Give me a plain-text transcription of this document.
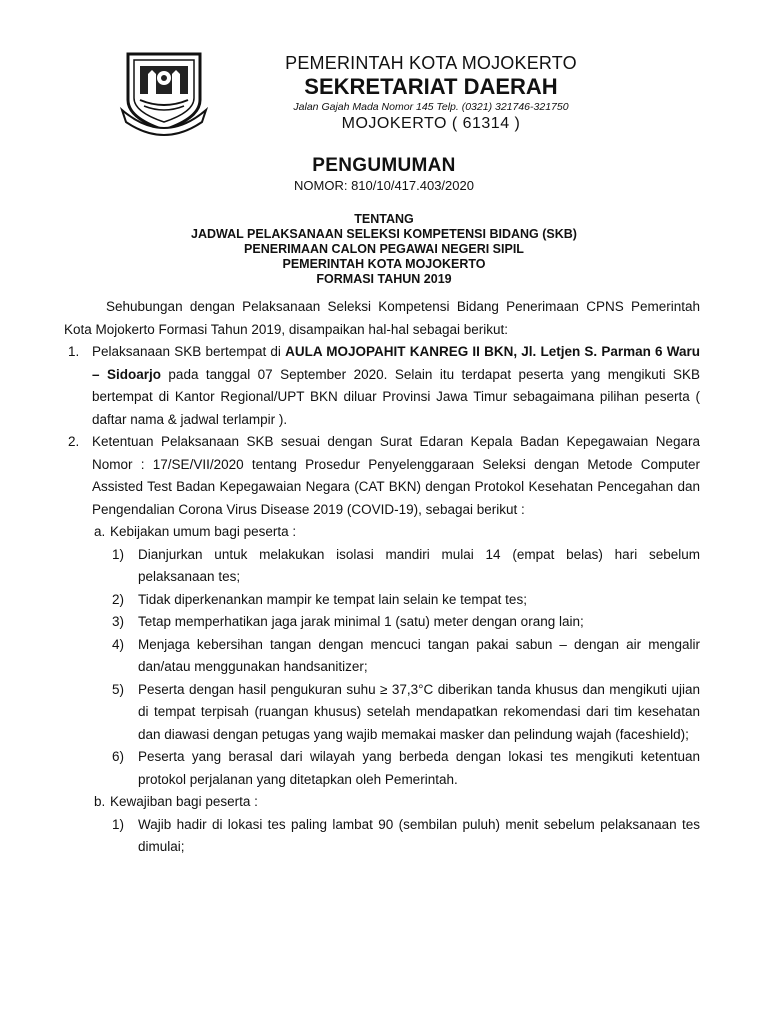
PEMERINTAH KOTA MOJOKERTO
SEKRETARIAT DAERAH
Jalan Gajah Mada Nomor 145 Telp. (0321) 321746-321750
MOJOKERTO ( 61314 )
PENGUMUMAN
NOMOR: 810/10/417.403/2020
TENTANG
JADWAL PELAKSANAAN SELEKSI KOMPETENSI BIDANG (SKB)
PENERIMAAN CALON PEGAWAI NEGERI SIPIL
PEMERINTAH KOTA MOJOKERTO
FORMASI TAHUN 2019

Sehubungan dengan Pelaksanaan Seleksi Kompetensi Bidang Penerimaan CPNS Pemerintah Kota Mojokerto Formasi Tahun 2019, disampaikan hal-hal sebagai berikut:

1. Pelaksanaan SKB bertempat di AULA MOJOPAHIT KANREG II BKN, Jl. Letjen S. Parman 6 Waru – Sidoarjo pada tanggal 07 September 2020. Selain itu terdapat peserta yang mengikuti SKB bertempat di Kantor Regional/UPT BKN diluar Provinsi Jawa Timur sebagaimana pilihan peserta ( daftar nama & jadwal terlampir ).

2. Ketentuan Pelaksanaan SKB sesuai dengan Surat Edaran Kepala Badan Kepegawaian Negara Nomor : 17/SE/VII/2020 tentang Prosedur Penyelenggaraan Seleksi dengan Metode Computer Assisted Test Badan Kepegawaian Negara (CAT BKN) dengan Protokol Kesehatan Pencegahan dan Pengendalian Corona Virus Disease 2019 (COVID-19), sebagai berikut :

a. Kebijakan umum bagi peserta :

1) Dianjurkan untuk melakukan isolasi mandiri mulai 14 (empat belas) hari sebelum pelaksanaan tes;

2) Tidak diperkenankan mampir ke tempat lain selain ke tempat tes;

3) Tetap memperhatikan jaga jarak minimal 1 (satu) meter dengan orang lain;

4) Menjaga kebersihan tangan dengan mencuci tangan pakai sabun – dengan air mengalir dan/atau menggunakan handsanitizer;

5) Peserta dengan hasil pengukuran suhu ≥ 37,3°C diberikan tanda khusus dan mengikuti ujian di tempat terpisah (ruangan khusus) setelah mendapatkan rekomendasi dari tim kesehatan dan diawasi dengan petugas yang wajib memakai masker dan pelindung wajah (faceshield);

6) Peserta yang berasal dari wilayah yang berbeda dengan lokasi tes mengikuti ketentuan protokol perjalanan yang ditetapkan oleh Pemerintah.

b. Kewajiban bagi peserta :

1) Wajib hadir di lokasi tes paling lambat 90 (sembilan puluh) menit sebelum pelaksanaan tes dimulai;
